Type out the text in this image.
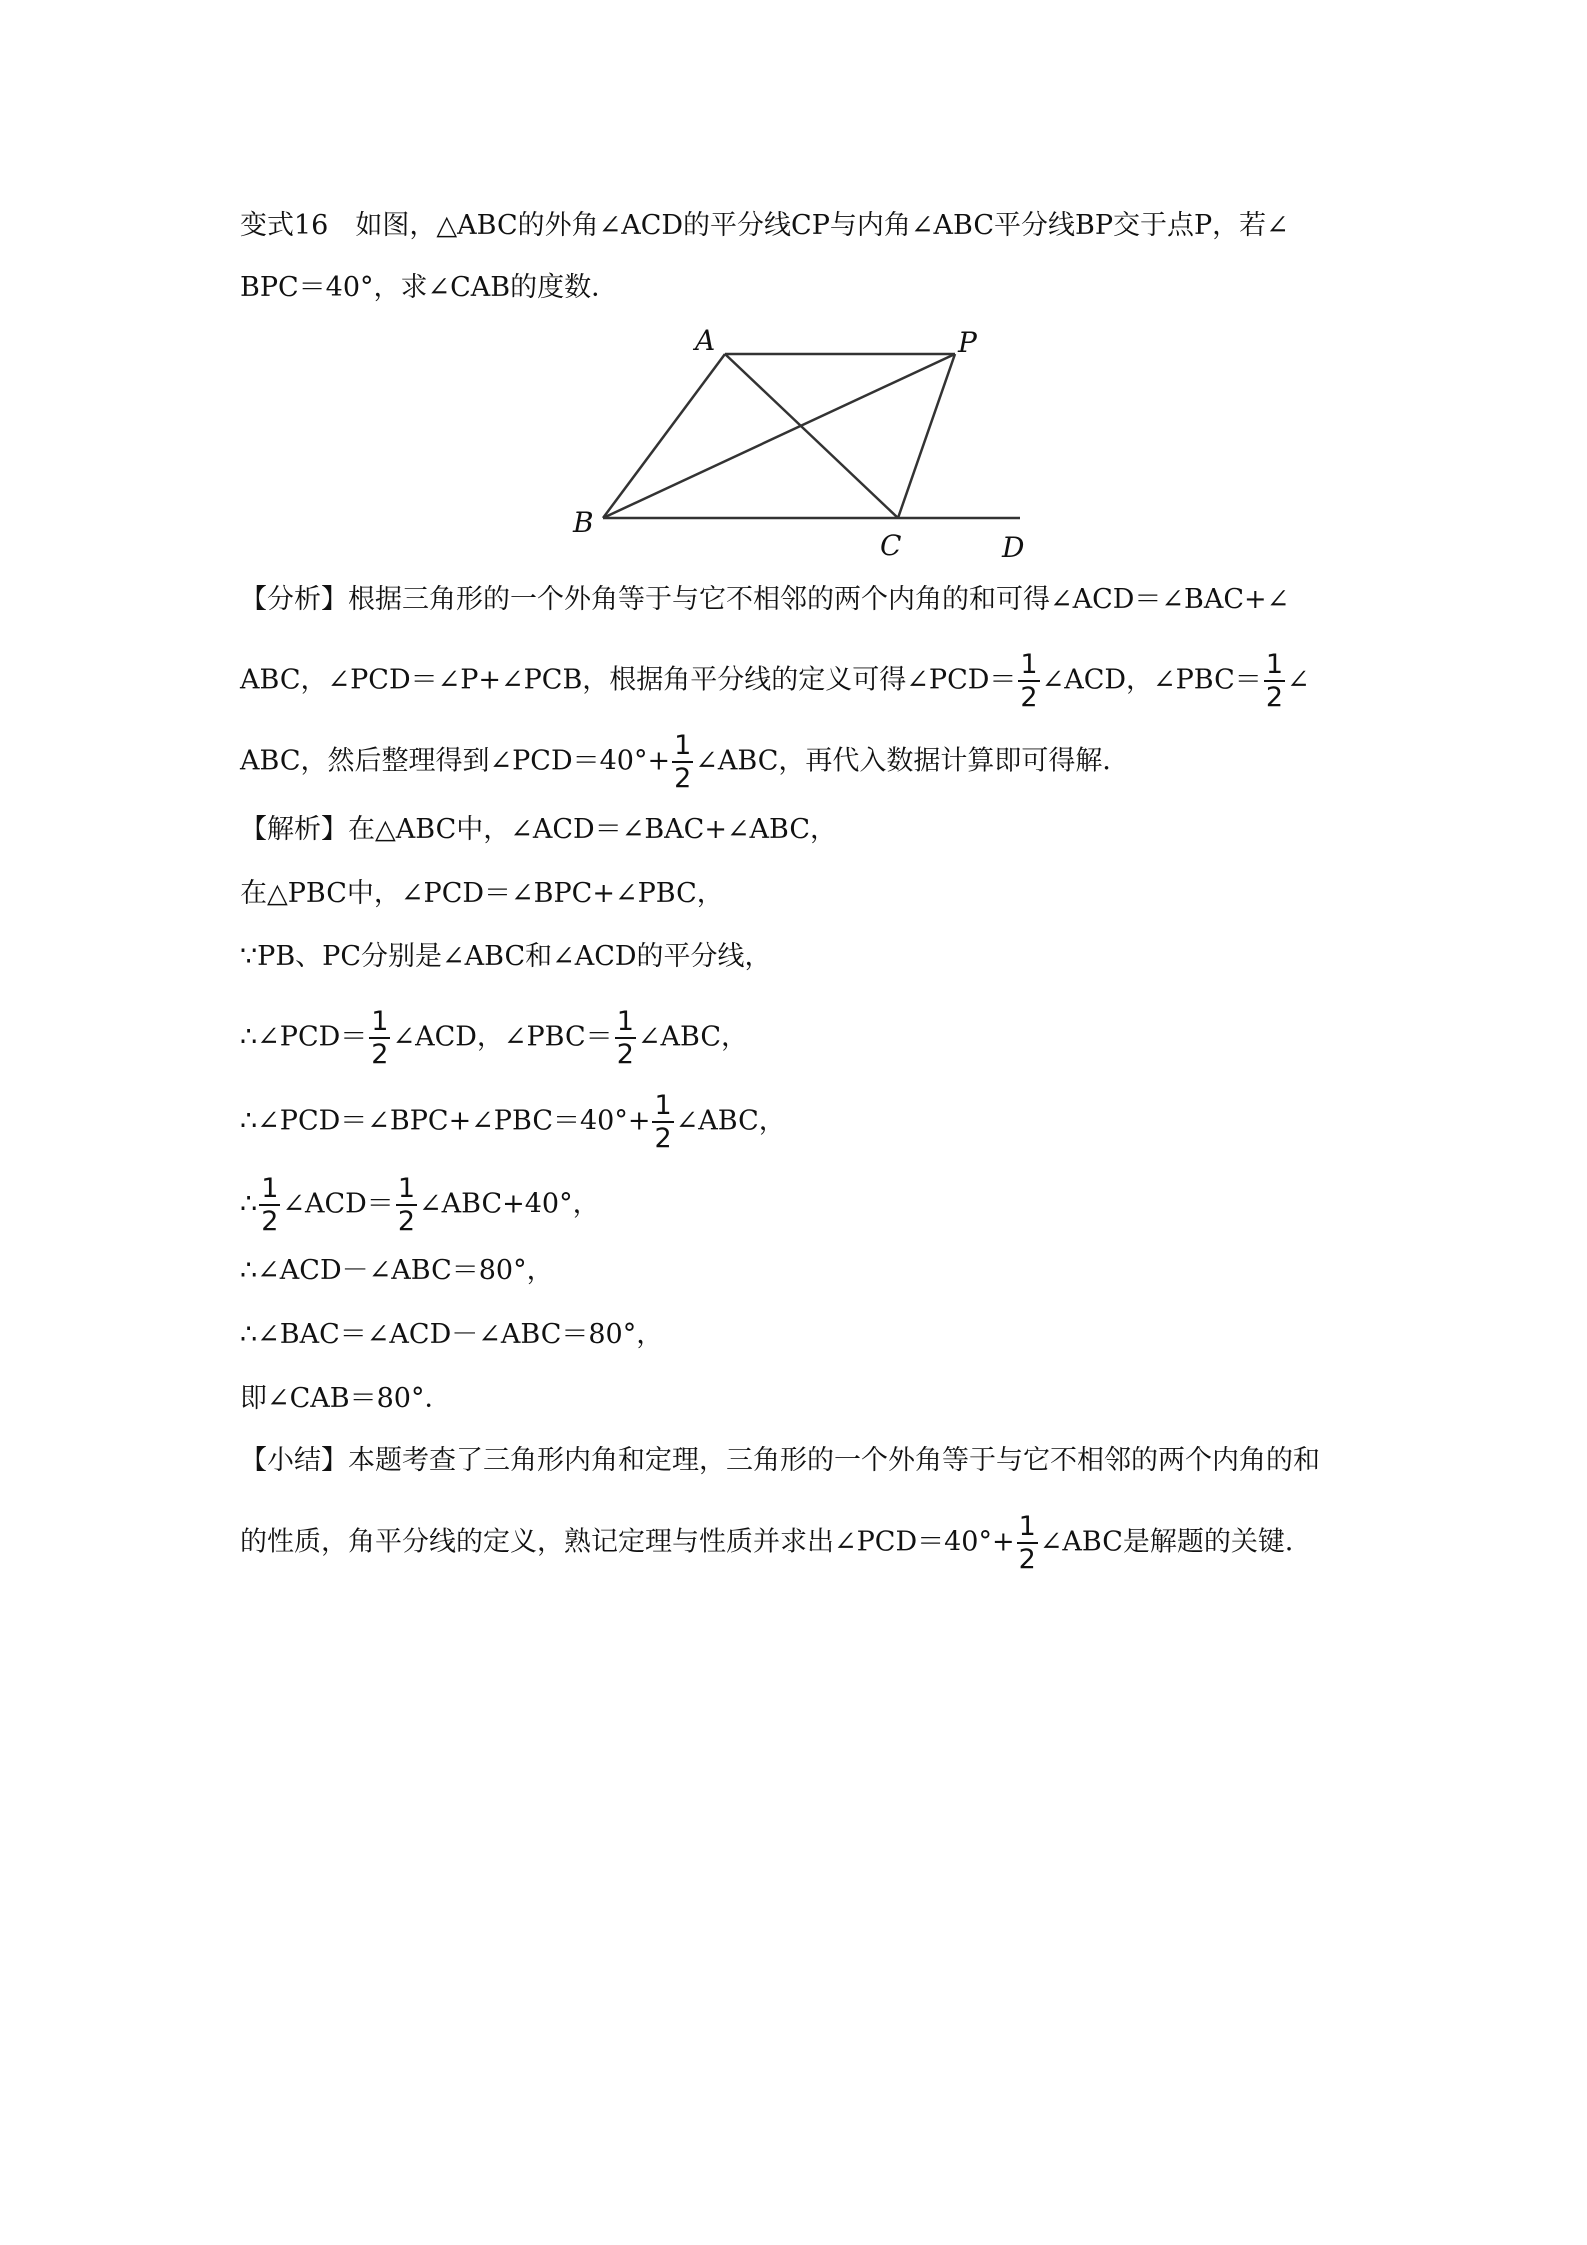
变式16　如图，△ABC的外角∠ACD的平分线CP与内角∠ABC平分线BP交于点P，若∠
BPC＝40°，求∠CAB的度数．
A	P
B
C	D
【分析】根据三角形的一个外角等于与它不相邻的两个内角的和可得∠ACD＝∠BAC+∠
ABC，∠PCD＝∠P+∠PCB，根据角平分线的定义可得∠PCD＝ $\frac{1}{2}$ ∠ACD，∠PBC＝ $\frac{1}{2}$ ∠
ABC，然后整理得到∠PCD＝40°+ $\frac{1}{2}$ ∠ABC，再代入数据计算即可得解．
【解析】在△ABC中，∠ACD＝∠BAC+∠ABC，
在△PBC中，∠PCD＝∠BPC+∠PBC，
∵PB、PC分别是∠ABC和∠ACD的平分线，
∴∠PCD＝ $\frac{1}{2}$ ∠ACD，∠PBC＝ $\frac{1}{2}$ ∠ABC，
∴∠PCD＝∠BPC+∠PBC＝40°+ $\frac{1}{2}$ ∠ABC，
∴ $\frac{1}{2}$ ∠ACD＝ $\frac{1}{2}$ ∠ABC+40°，
∴∠ACD－∠ABC＝80°，
∴∠BAC＝∠ACD－∠ABC＝80°，
即∠CAB＝80°．
【小结】本题考查了三角形内角和定理，三角形的一个外角等于与它不相邻的两个内角的和
的性质，角平分线的定义，熟记定理与性质并求出∠PCD＝40°+ $\frac{1}{2}$ ∠ABC是解题的关键．
